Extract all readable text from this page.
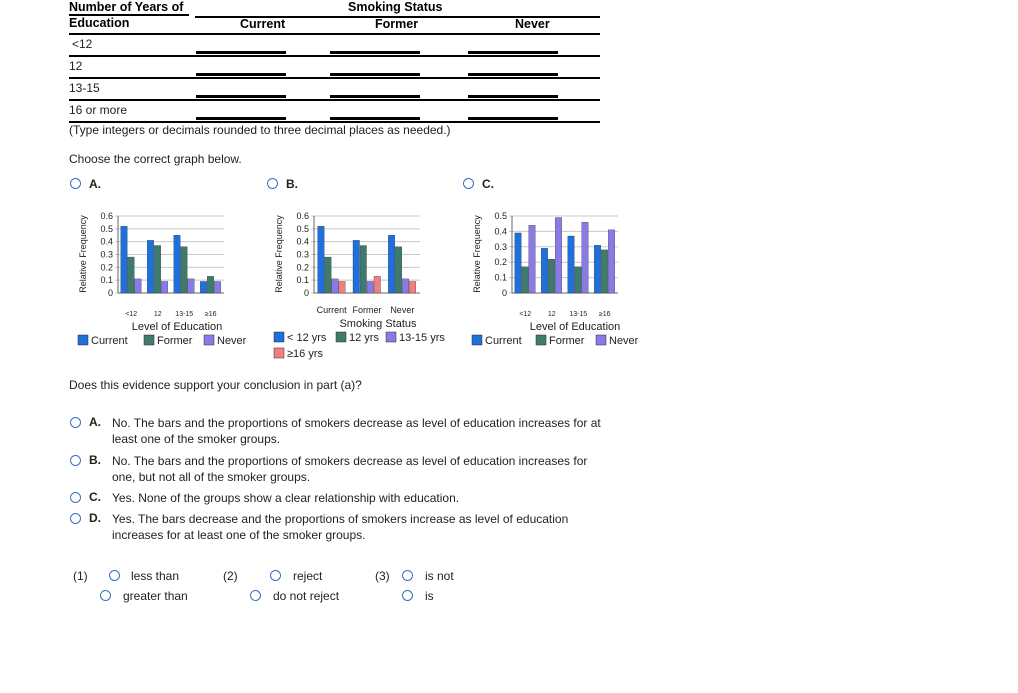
Number of Years of
Education
Smoking Status
Current	Former	Never
<12
12
13-15
16 or more
(Type integers or decimals rounded to three decimal places as needed.)
Choose the correct graph below.
A.	B.	C.
Relative Frequency 0.6
0.5
0.4
0.3
0.2
0.1
0
<12 12 13-15 ≥16
Level of Education
Current	Former Never
Relative Frequency 0.6
0.5
0.4
0.3
0.2
0.1
0
Current Former Never
Smoking Status
< 12 yrs 12 yrs 13-15 yrs
≥16 yrs
Relative Frequency 0.5
0.4
0.3
0.2
0.1
0
<12 12 13-15 ≥16
Level of Education
Current Former Never
Does this evidence support your conclusion in part (a)?
A. No. The bars and the proportions of smokers decrease as level of education increases for at
least one of the smoker groups.
B. No. The bars and the proportions of smokers decrease as level of education increases for
one, but not all of the smoker groups.
C. Yes. None of the groups show a clear relationship with education.
D. Yes. The bars decrease and the proportions of smokers increase as level of education
increases for at least one of the smoker groups.
(1)	less than
greater than
(2)	reject
do not reject
(3)	is not
is
